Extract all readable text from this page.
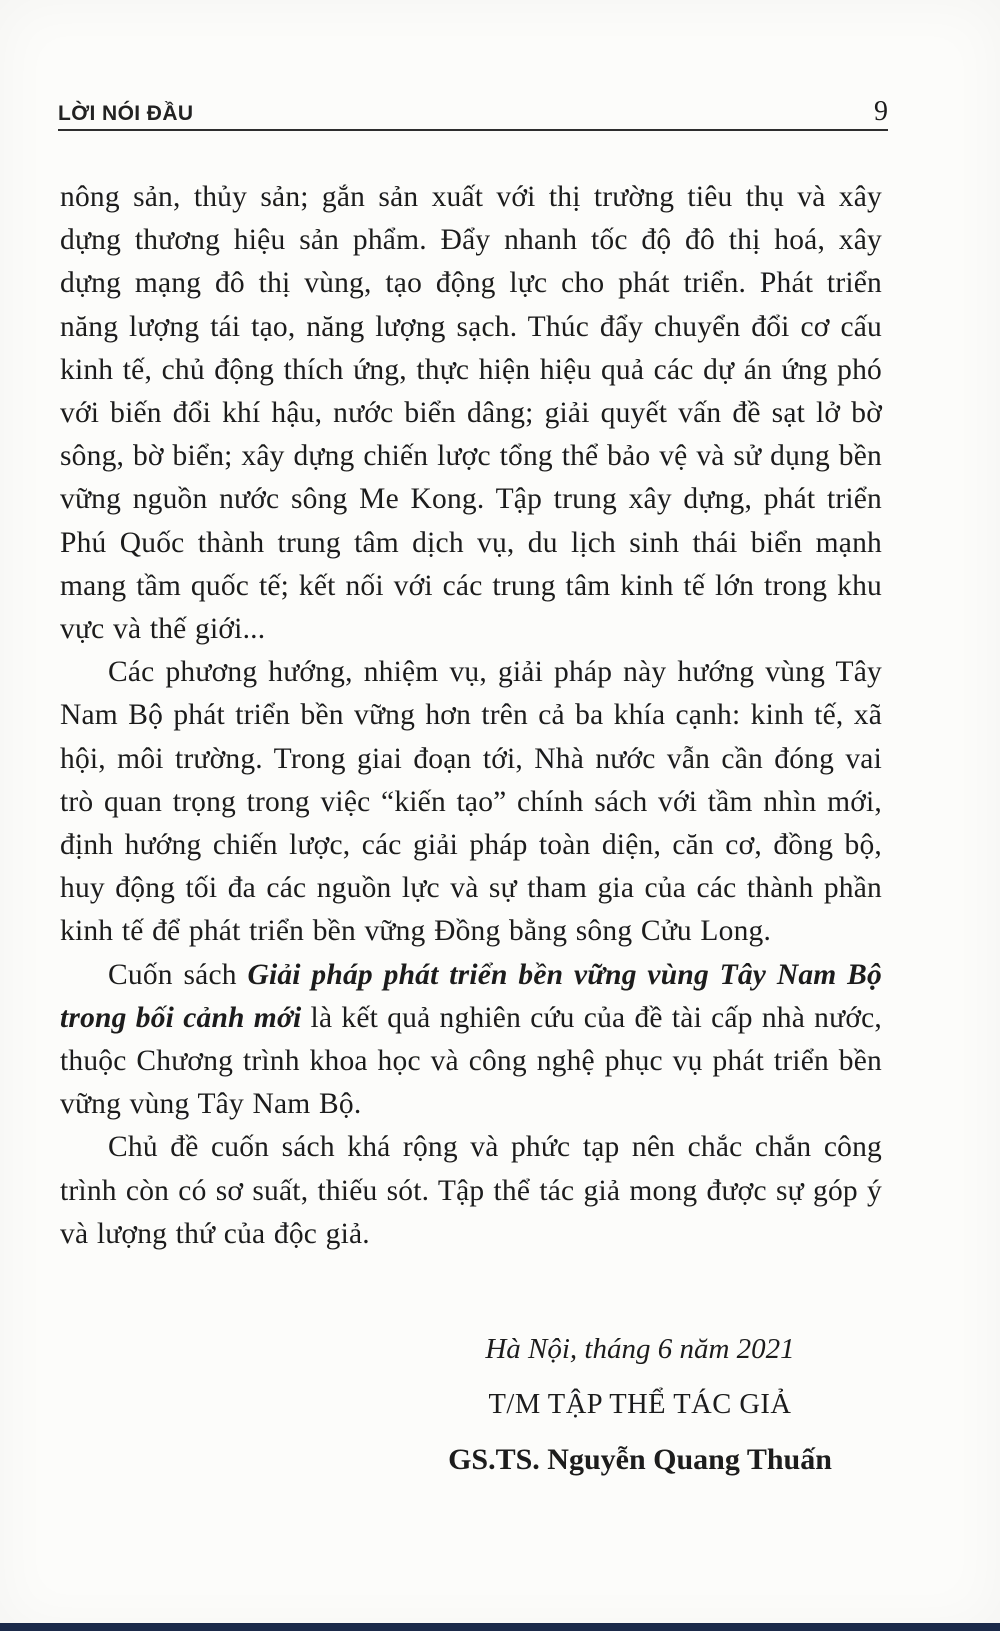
LỜI NÓI ĐẦU	9

nông sản, thủy sản; gắn sản xuất với thị trường tiêu thụ và xây dựng thương hiệu sản phẩm. Đẩy nhanh tốc độ đô thị hoá, xây dựng mạng đô thị vùng, tạo động lực cho phát triển. Phát triển năng lượng tái tạo, năng lượng sạch. Thúc đẩy chuyển đổi cơ cấu kinh tế, chủ động thích ứng, thực hiện hiệu quả các dự án ứng phó với biến đổi khí hậu, nước biển dâng; giải quyết vấn đề sạt lở bờ sông, bờ biển; xây dựng chiến lược tổng thể bảo vệ và sử dụng bền vững nguồn nước sông Me Kong. Tập trung xây dựng, phát triển Phú Quốc thành trung tâm dịch vụ, du lịch sinh thái biển mạnh mang tầm quốc tế; kết nối với các trung tâm kinh tế lớn trong khu vực và thế giới...

Các phương hướng, nhiệm vụ, giải pháp này hướng vùng Tây Nam Bộ phát triển bền vững hơn trên cả ba khía cạnh: kinh tế, xã hội, môi trường. Trong giai đoạn tới, Nhà nước vẫn cần đóng vai trò quan trọng trong việc “kiến tạo” chính sách với tầm nhìn mới, định hướng chiến lược, các giải pháp toàn diện, căn cơ, đồng bộ, huy động tối đa các nguồn lực và sự tham gia của các thành phần kinh tế để phát triển bền vững Đồng bằng sông Cửu Long.

Cuốn sách Giải pháp phát triển bền vững vùng Tây Nam Bộ trong bối cảnh mới là kết quả nghiên cứu của đề tài cấp nhà nước, thuộc Chương trình khoa học và công nghệ phục vụ phát triển bền vững vùng Tây Nam Bộ.

Chủ đề cuốn sách khá rộng và phức tạp nên chắc chắn công trình còn có sơ suất, thiếu sót. Tập thể tác giả mong được sự góp ý và lượng thứ của độc giả.

Hà Nội, tháng 6 năm 2021
T/M TẬP THỂ TÁC GIẢ
GS.TS. Nguyễn Quang Thuấn
